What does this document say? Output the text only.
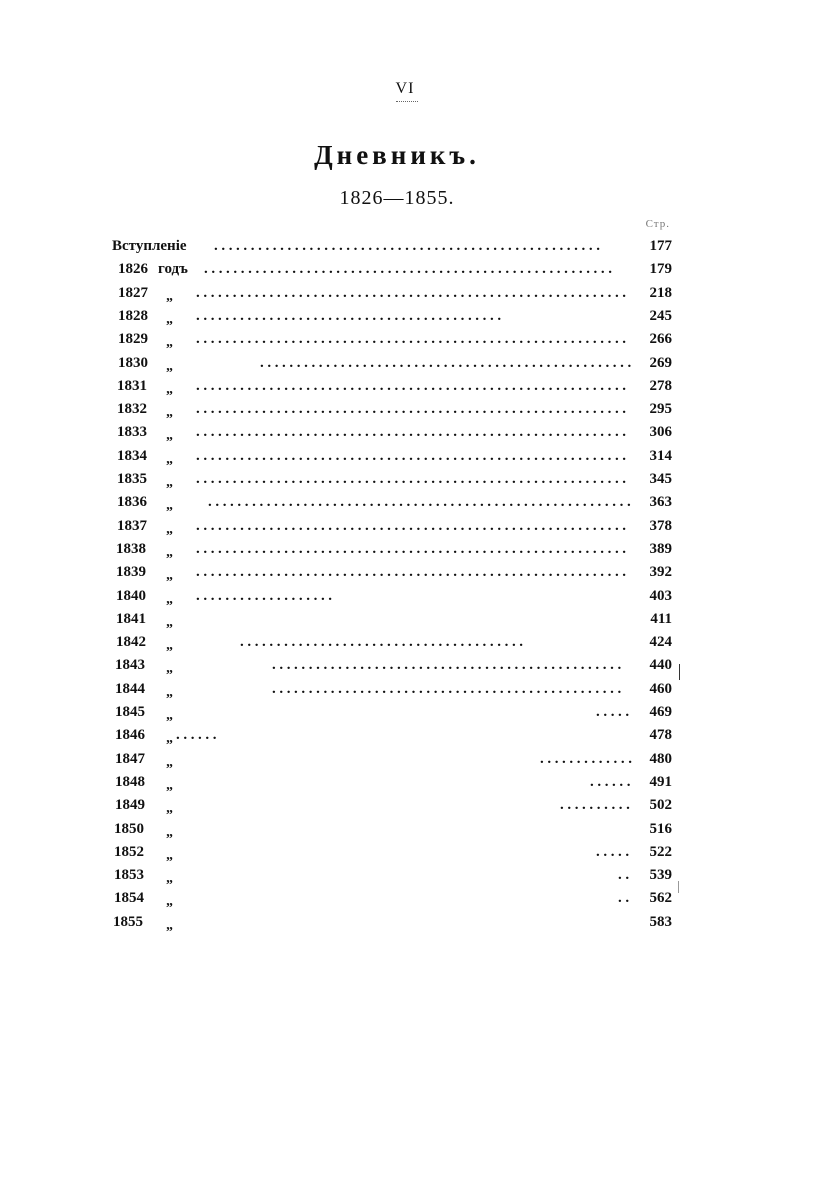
VI
Дневникъ.
1826—1855.
Стр.
Вступленіе .....................................................	177
1826 годъ ........................................................	179
1827 „ ...........................................................	218
1828 „ ..........................................	245
1829 „ ...........................................................	266
1830 „	................................................... 269
1831 „ ...........................................................	278
1832 „ ...........................................................	295
1833 „ ...........................................................	306
1834 „ ...........................................................	314
1835 „ ...........................................................	345
1836 „ ..........................................................	363
1837 „ ...........................................................	378
1838 „ ...........................................................	389
1839 „ ...........................................................	392
1840 „ ...................	403
1841 „	411
1842 „	.......................................	424
1843 „	................................................	440
1844 „	................................................	460
1845 „	.....	469
1846 „ ......	478
1847 „	............. 480
1848 „	......	491
1849 „	..........	502
1850 „	516
1852 „	.....	522
1853 „	..	539
1854 „	..	562
1855 „	583
